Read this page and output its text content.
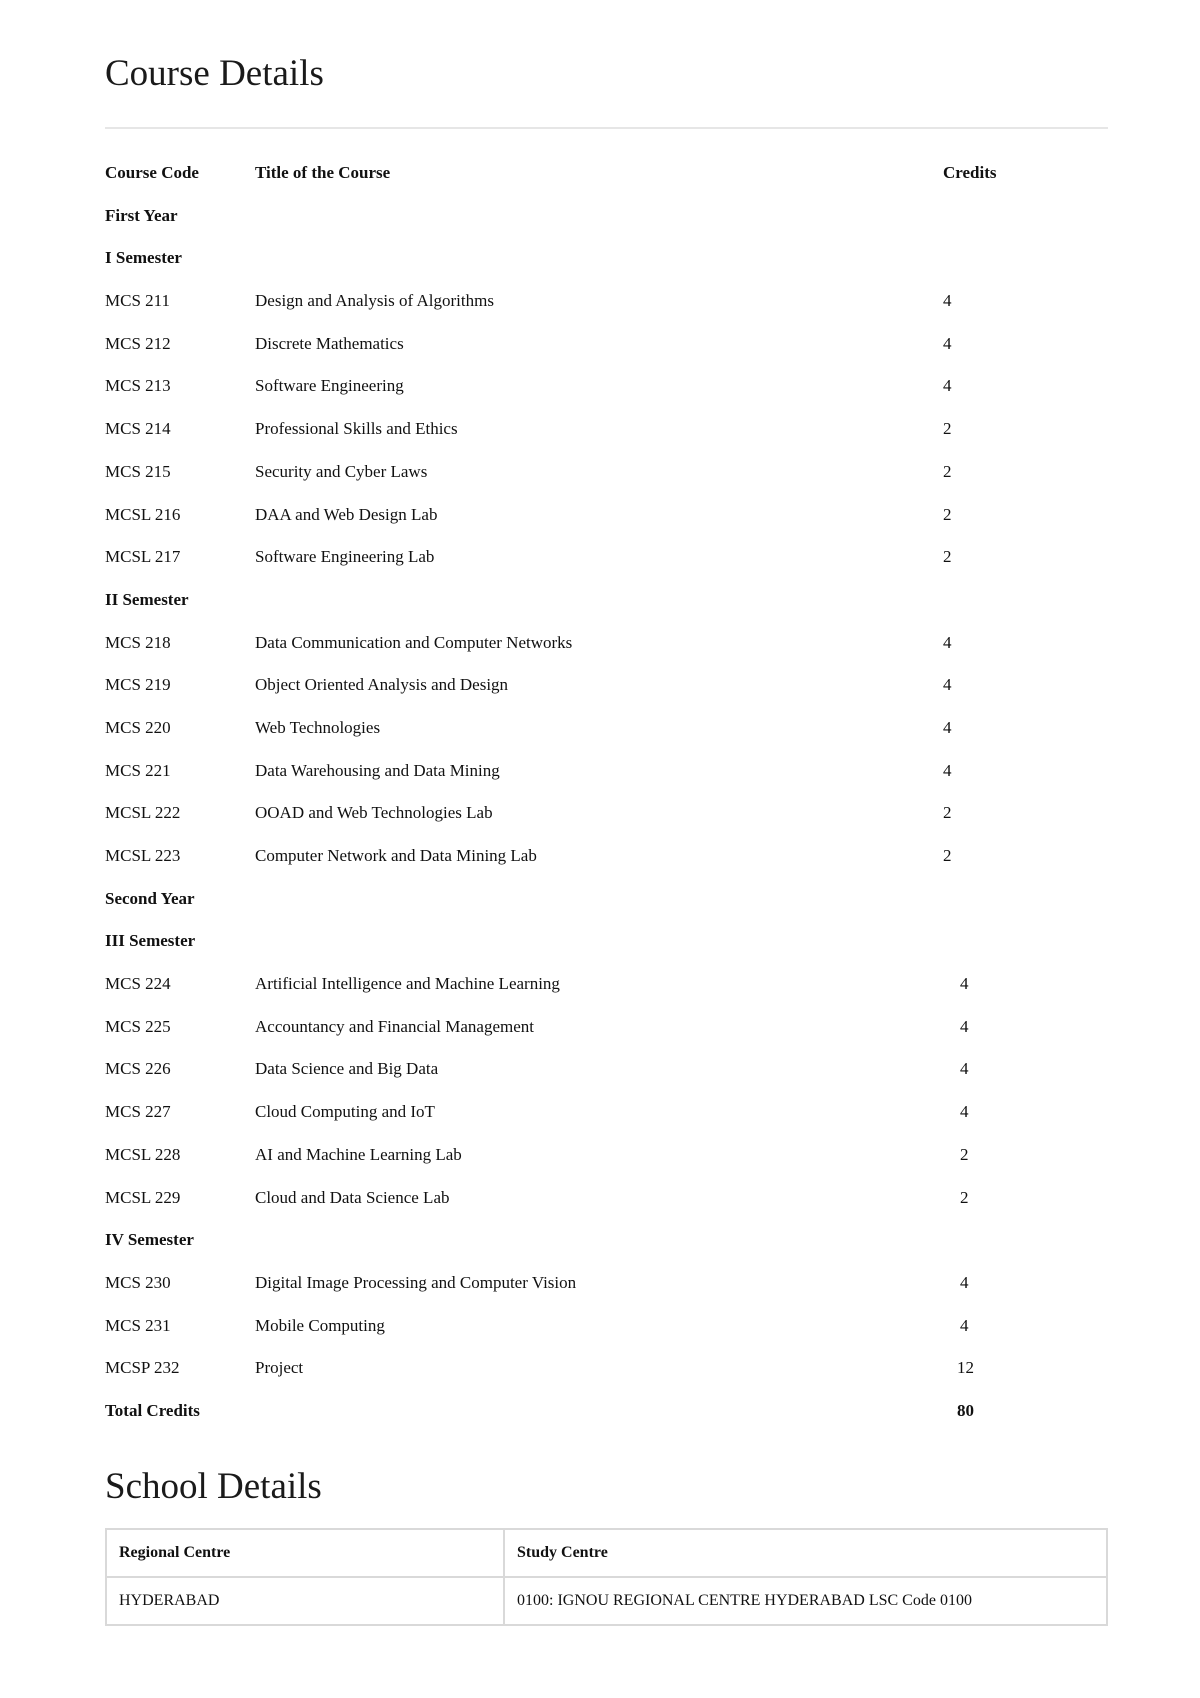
Course Details
Course Code	Title of the Course	Credits
First Year
I Semester
MCS 211	Design and Analysis of Algorithms	4
MCS 212	Discrete Mathematics	4
MCS 213	Software Engineering	4
MCS 214	Professional Skills and Ethics	2
MCS 215	Security and Cyber Laws	2
MCSL 216	DAA and Web Design Lab	2
MCSL 217	Software Engineering Lab	2
II Semester
MCS 218	Data Communication and Computer Networks	4
MCS 219	Object Oriented Analysis and Design	4
MCS 220	Web Technologies	4
MCS 221	Data Warehousing and Data Mining	4
MCSL 222	OOAD and Web Technologies Lab	2
MCSL 223	Computer Network and Data Mining Lab	2
Second Year
III Semester
MCS 224	Artificial Intelligence and Machine Learning	4
MCS 225	Accountancy and Financial Management	4
MCS 226	Data Science and Big Data	4
MCS 227	Cloud Computing and IoT	4
MCSL 228	AI and Machine Learning Lab	2
MCSL 229	Cloud and Data Science Lab	2
IV Semester
MCS 230	Digital Image Processing and Computer Vision	4
MCS 231	Mobile Computing	4
MCSP 232	Project	12
Total Credits	80
School Details
Regional Centre	Study Centre
HYDERABAD	0100: IGNOU REGIONAL CENTRE HYDERABAD LSC Code 0100
